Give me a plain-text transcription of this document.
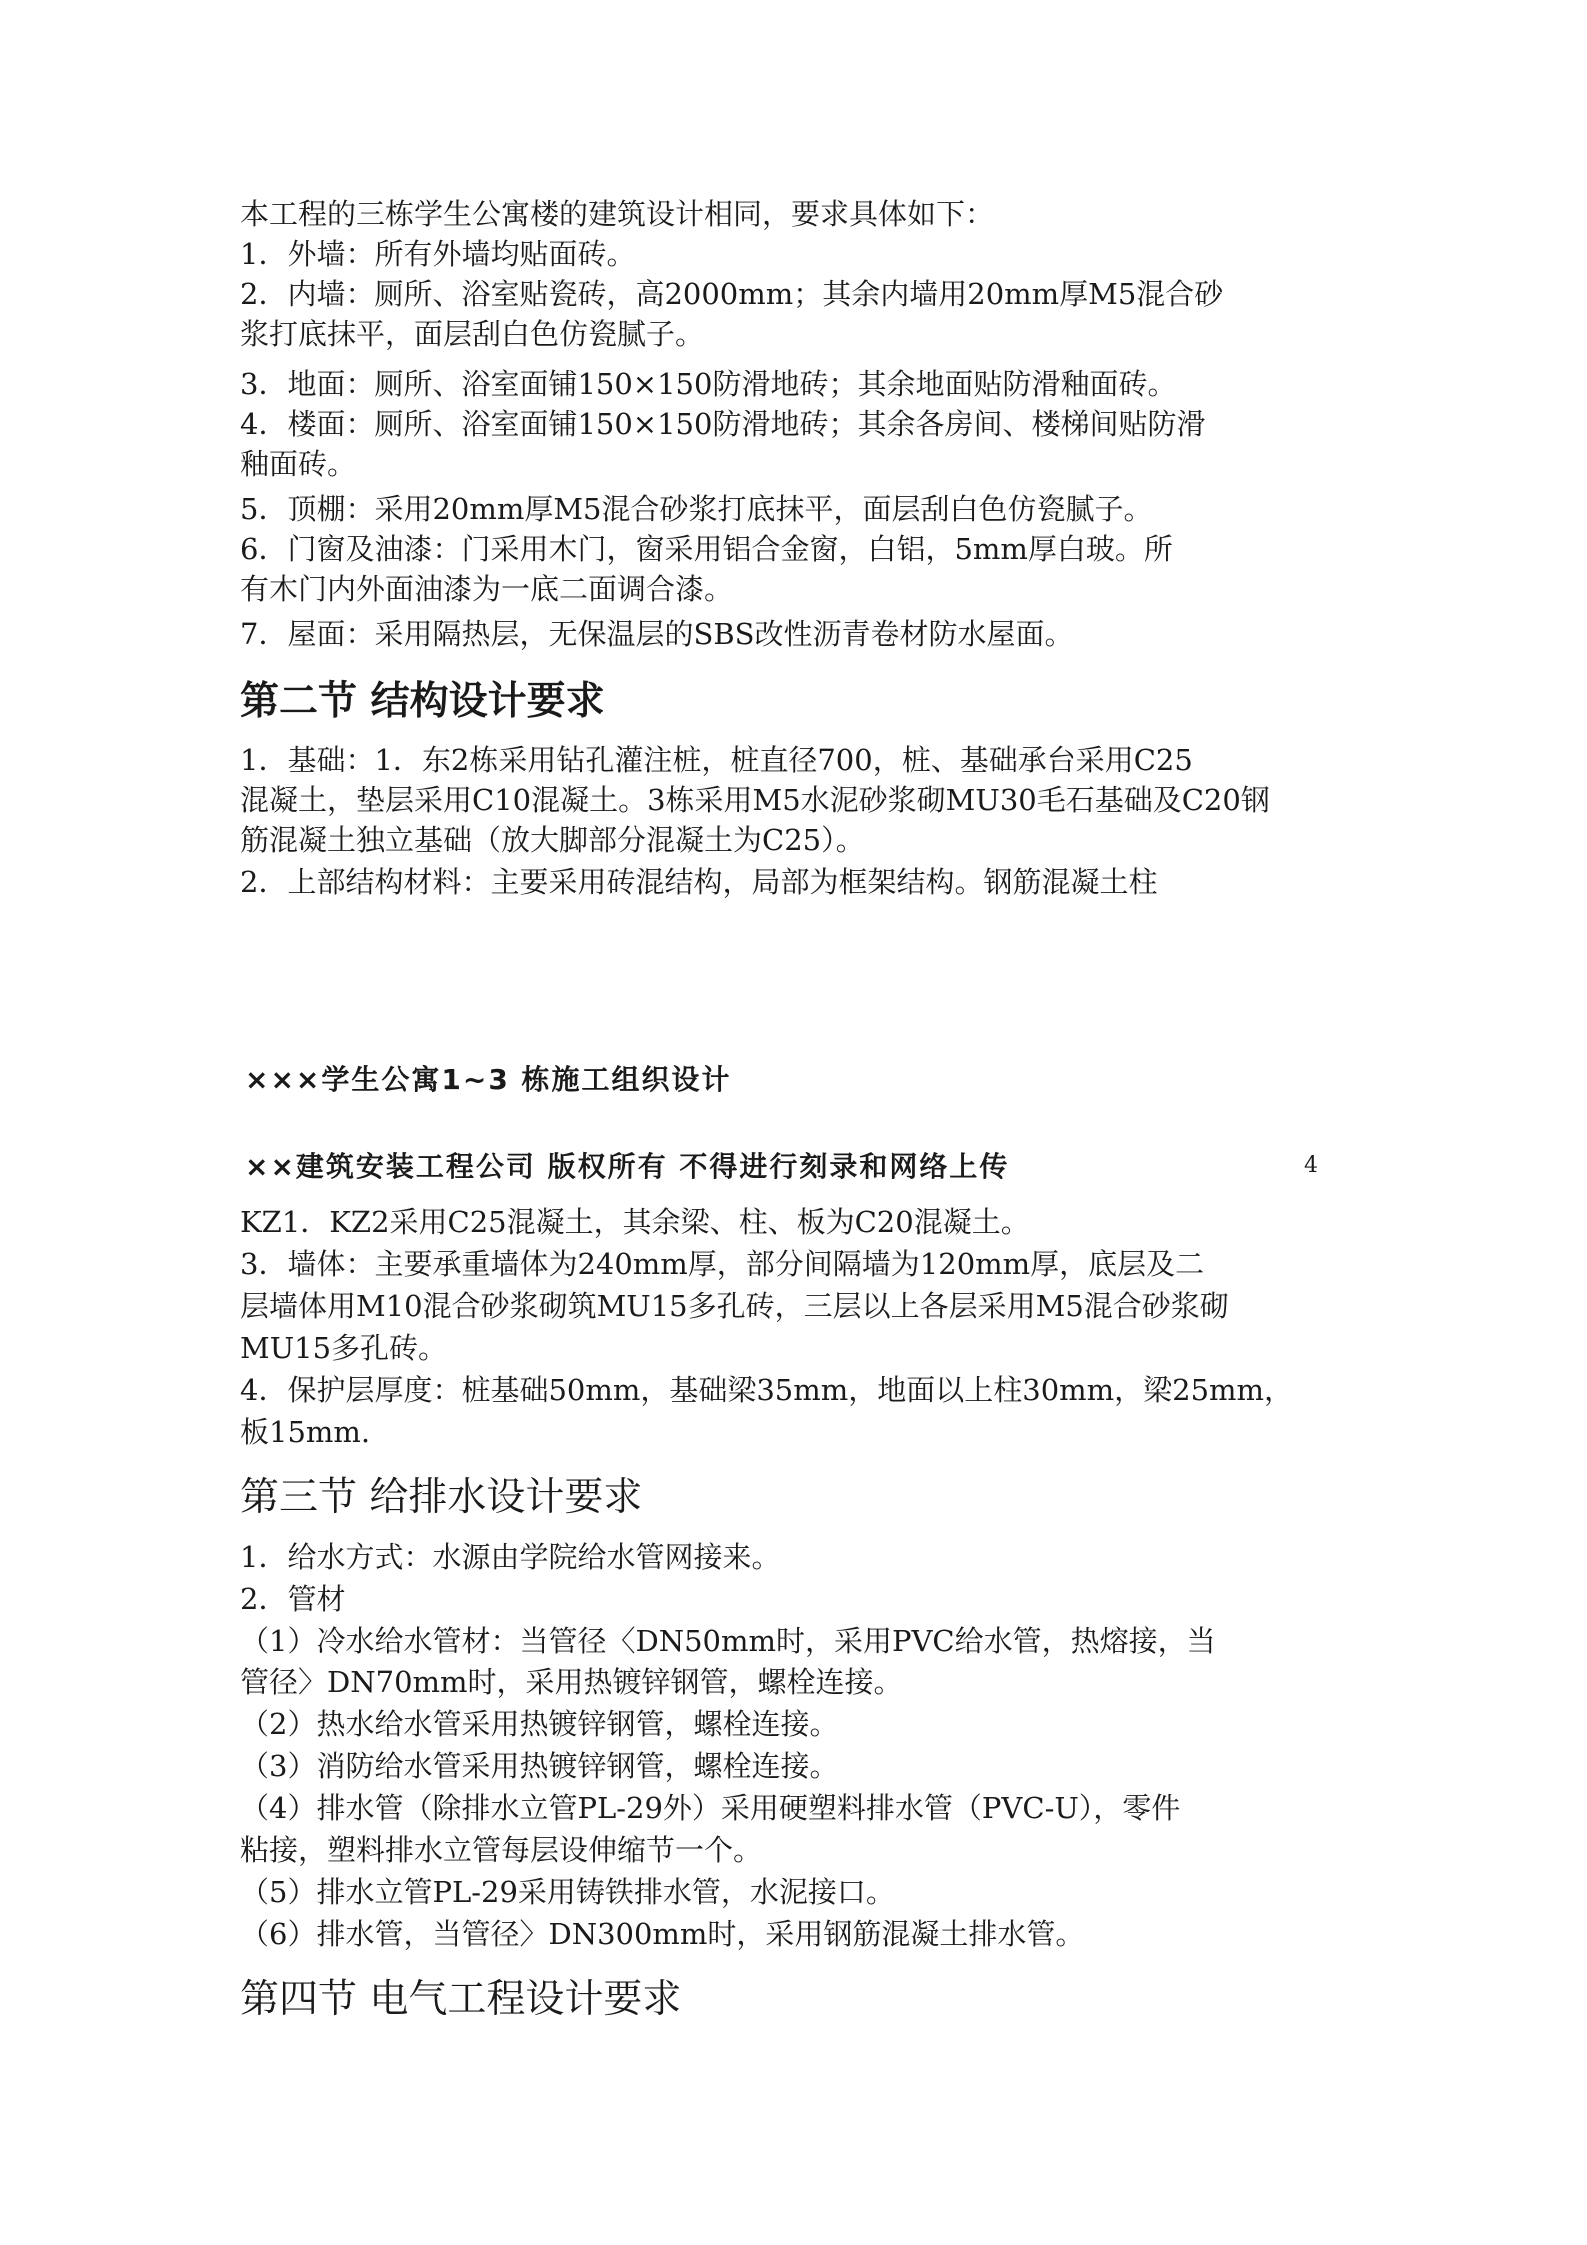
本工程的三栋学生公寓楼的建筑设计相同，要求具体如下：
1．外墙：所有外墙均贴面砖。
2．内墙：厕所、浴室贴瓷砖，高2000mm；其余内墙用20mm厚M5混合砂
浆打底抹平，面层刮白色仿瓷腻子。
3．地面：厕所、浴室面铺150×150防滑地砖；其余地面贴防滑釉面砖。
4．楼面：厕所、浴室面铺150×150防滑地砖；其余各房间、楼梯间贴防滑
釉面砖。
5．顶棚：采用20mm厚M5混合砂浆打底抹平，面层刮白色仿瓷腻子。
6．门窗及油漆：门采用木门，窗采用铝合金窗，白铝，5mm厚白玻。所
有木门内外面油漆为一底二面调合漆。
7．屋面：采用隔热层，无保温层的SBS改性沥青卷材防水屋面。
第二节 结构设计要求
1．基础：1．东2栋采用钻孔灌注桩，桩直径700，桩、基础承台采用C25
混凝土，垫层采用C10混凝土。3栋采用M5水泥砂浆砌MU30毛石基础及C20钢
筋混凝土独立基础（放大脚部分混凝土为C25）。
2．上部结构材料：主要采用砖混结构，局部为框架结构。钢筋混凝土柱
×××学生公寓1~3 栋施工组织设计
××建筑安装工程公司 版权所有 不得进行刻录和网络上传	4
KZ1．KZ2采用C25混凝土，其余梁、柱、板为C20混凝土。
3．墙体：主要承重墙体为240mm厚，部分间隔墙为120mm厚，底层及二
层墙体用M10混合砂浆砌筑MU15多孔砖，三层以上各层采用M5混合砂浆砌
MU15多孔砖。
4．保护层厚度：桩基础50mm，基础梁35mm，地面以上柱30mm，梁25mm，
板15mm.
第三节 给排水设计要求
1．给水方式：水源由学院给水管网接来。
2．管材
（1）冷水给水管材：当管径〈DN50mm时，采用PVC给水管，热熔接，当
管径〉DN70mm时，采用热镀锌钢管，螺栓连接。
（2）热水给水管采用热镀锌钢管，螺栓连接。
（3）消防给水管采用热镀锌钢管，螺栓连接。
（4）排水管（除排水立管PL-29外）采用硬塑料排水管（PVC-U），零件
粘接，塑料排水立管每层设伸缩节一个。
（5）排水立管PL-29采用铸铁排水管，水泥接口。
（6）排水管，当管径〉DN300mm时，采用钢筋混凝土排水管。
第四节 电气工程设计要求
